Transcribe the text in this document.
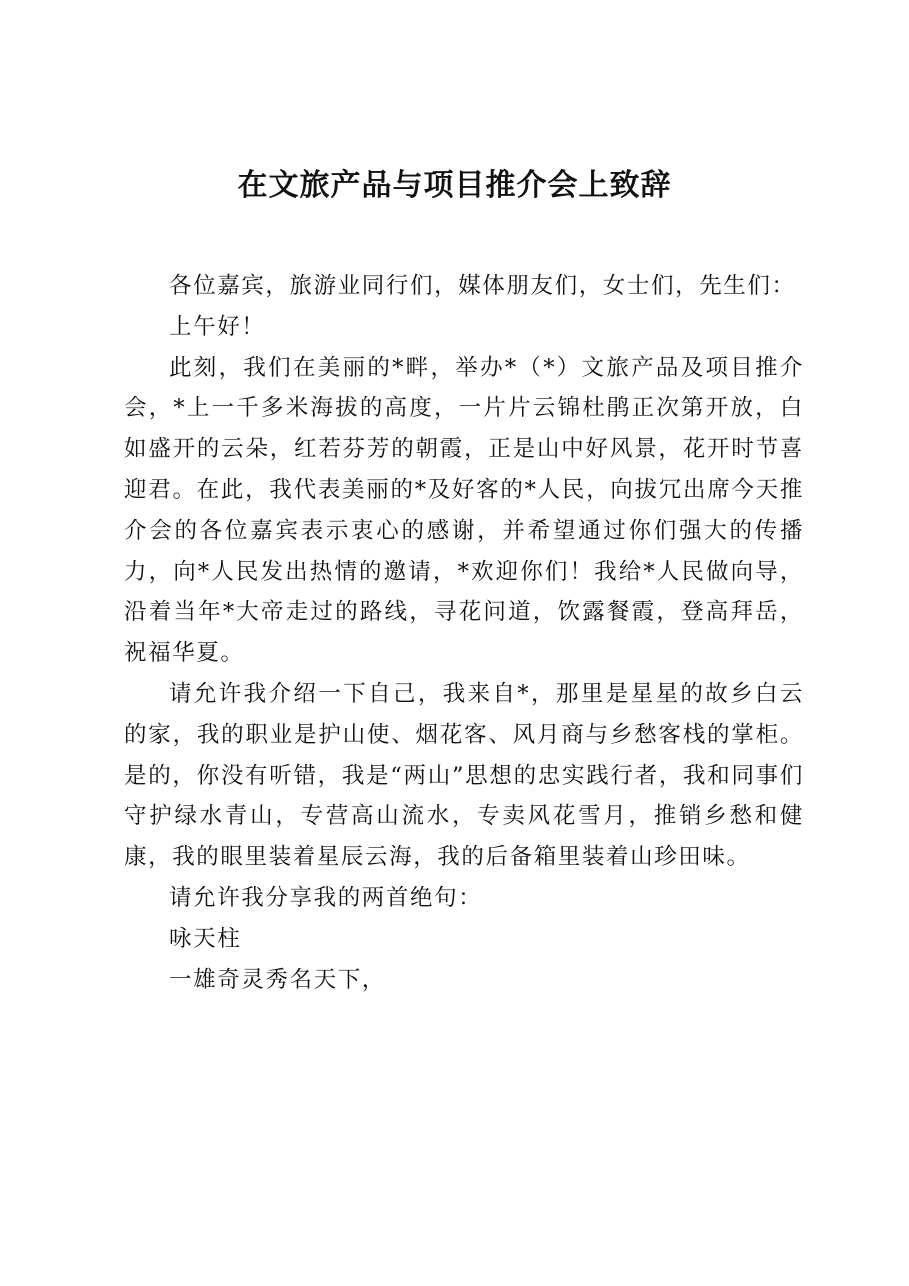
在文旅产品与项目推介会上致辞

各位嘉宾，旅游业同行们，媒体朋友们，女士们，先生们：

上午好！

此刻，我们在美丽的*畔，举办*（*）文旅产品及项目推介会，*上一千多米海拔的高度，一片片云锦杜鹃正次第开放，白如盛开的云朵，红若芬芳的朝霞，正是山中好风景，花开时节喜迎君。在此，我代表美丽的*及好客的*人民，向拔冗出席今天推介会的各位嘉宾表示衷心的感谢，并希望通过你们强大的传播力，向*人民发出热情的邀请，*欢迎你们！我给*人民做向导，沿着当年*大帝走过的路线，寻花问道，饮露餐霞，登高拜岳，祝福华夏。

请允许我介绍一下自己，我来自*，那里是星星的故乡白云的家，我的职业是护山使、烟花客、风月商与乡愁客栈的掌柜。是的，你没有听错，我是“两山”思想的忠实践行者，我和同事们守护绿水青山，专营高山流水，专卖风花雪月，推销乡愁和健康，我的眼里装着星辰云海，我的后备箱里装着山珍田味。

请允许我分享我的两首绝句：

咏天柱

一雄奇灵秀名天下，
